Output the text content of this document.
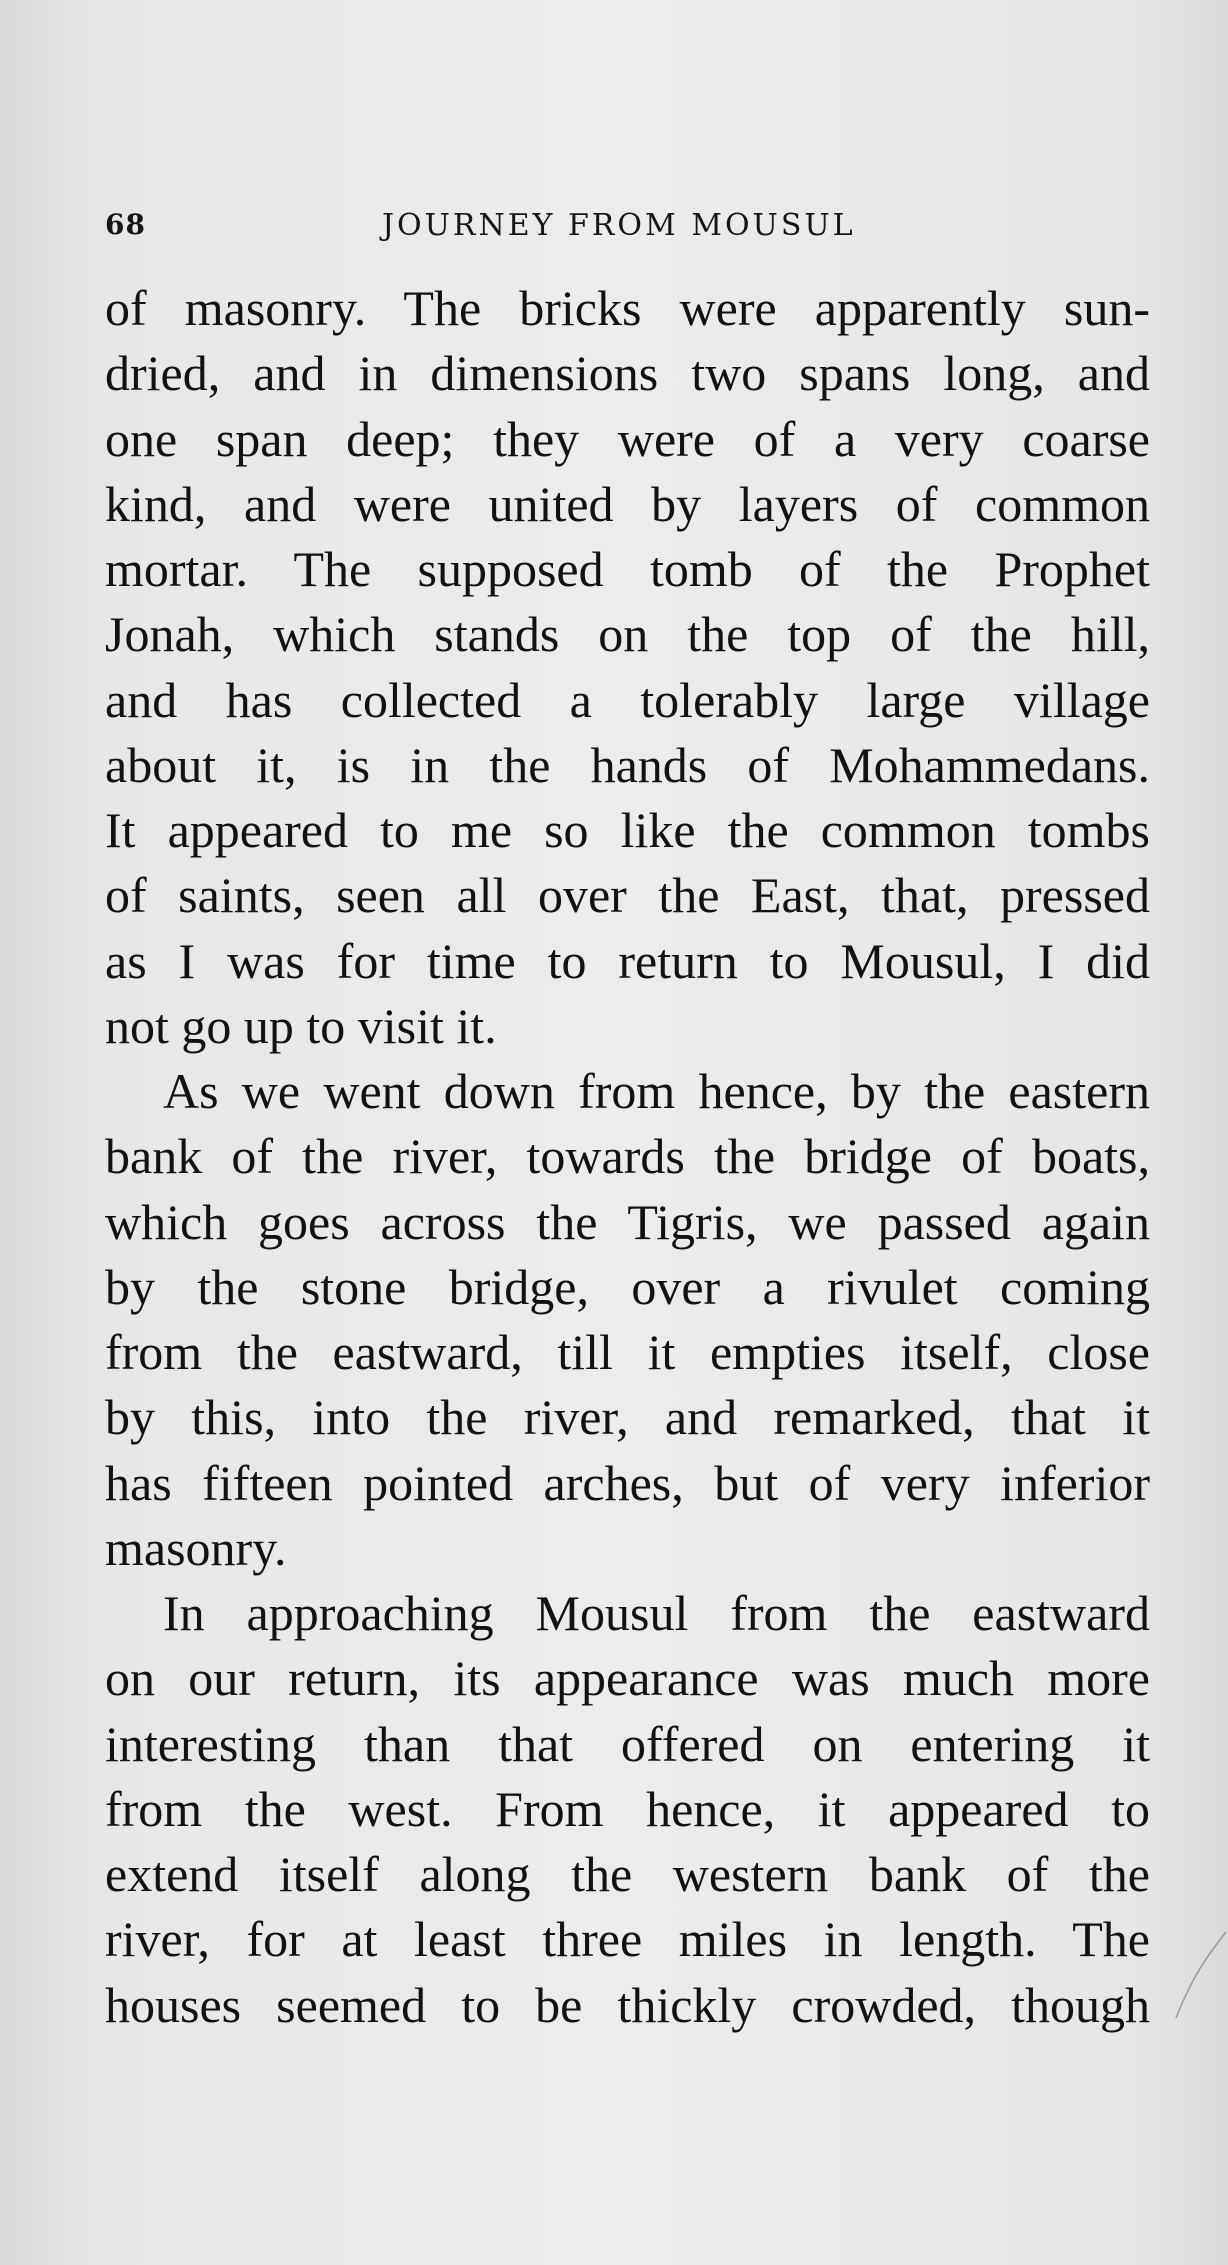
68	JOURNEY FROM MOUSUL
of masonry. The bricks were apparently sun-
dried, and in dimensions two spans long, and
one span deep; they were of a very coarse
kind, and were united by layers of common
mortar. The supposed tomb of the Prophet
Jonah, which stands on the top of the hill,
and has collected a tolerably large village
about it, is in the hands of Mohammedans.
It appeared to me so like the common tombs
of saints, seen all over the East, that, pressed
as I was for time to return to Mousul, I did
not go up to visit it.
As we went down from hence, by the eastern
bank of the river, towards the bridge of boats,
which goes across the Tigris, we passed again
by the stone bridge, over a rivulet coming
from the eastward, till it empties itself, close
by this, into the river, and remarked, that it
has fifteen pointed arches, but of very inferior
masonry.
In approaching Mousul from the eastward
on our return, its appearance was much more
interesting than that offered on entering it
from the west. From hence, it appeared to
extend itself along the western bank of the
river, for at least three miles in length. The
houses seemed to be thickly crowded, though
